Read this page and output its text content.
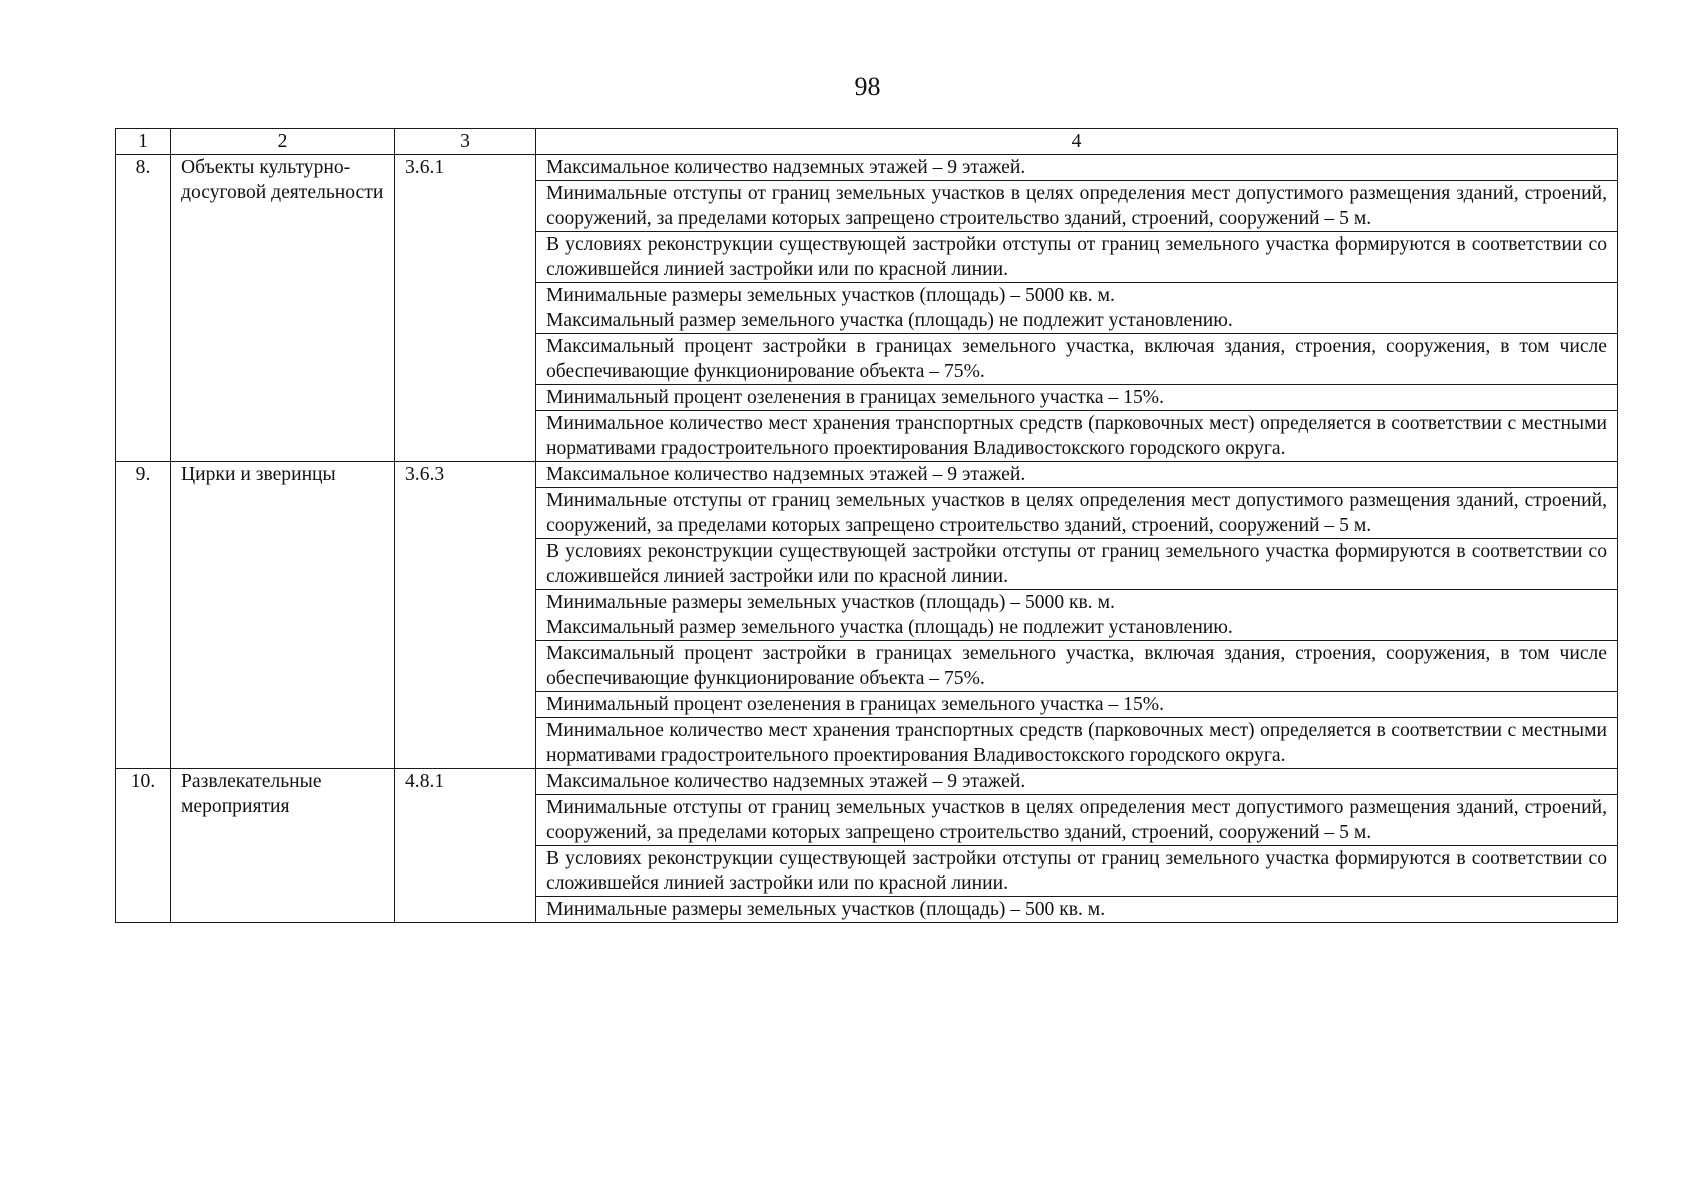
98
1	2	3	4
8.	Объекты культурно-досуговой деятельности	3.6.1	Максимальное количество надземных этажей – 9 этажей.

			Минимальные отступы от границ земельных участков в целях определения мест допустимого размещения зданий, строений, сооружений, за пределами которых запрещено строительство зданий, строений, сооружений – 5 м.

			В условиях реконструкции существующей застройки отступы от границ земельного участка формируются в соответствии со сложившейся линией застройки или по красной линии.

			Минимальные размеры земельных участков (площадь) – 5000 кв. м.
Максимальный размер земельного участка (площадь) не подлежит установлению.

			Максимальный процент застройки в границах земельного участка, включая здания, строения, сооружения, в том числе обеспечивающие функционирование объекта – 75%.

			Минимальный процент озеленения в границах земельного участка – 15%.

			Минимальное количество мест хранения транспортных средств (парковочных мест) определяется в соответствии с местными нормативами градостроительного проектирования Владивостокского городского округа.

9.	Цирки и зверинцы	3.6.3	Максимальное количество надземных этажей – 9 этажей.

			Минимальные отступы от границ земельных участков в целях определения мест допустимого размещения зданий, строений, сооружений, за пределами которых запрещено строительство зданий, строений, сооружений – 5 м.

			В условиях реконструкции существующей застройки отступы от границ земельного участка формируются в соответствии со сложившейся линией застройки или по красной линии.

			Минимальные размеры земельных участков (площадь) – 5000 кв. м.
Максимальный размер земельного участка (площадь) не подлежит установлению.

			Максимальный процент застройки в границах земельного участка, включая здания, строения, сооружения, в том числе обеспечивающие функционирование объекта – 75%.

			Минимальный процент озеленения в границах земельного участка – 15%.

			Минимальное количество мест хранения транспортных средств (парковочных мест) определяется в соответствии с местными нормативами градостроительного проектирования Владивостокского городского округа.

10.	Развлекательные мероприятия	4.8.1	Максимальное количество надземных этажей – 9 этажей.

			Минимальные отступы от границ земельных участков в целях определения мест допустимого размещения зданий, строений, сооружений, за пределами которых запрещено строительство зданий, строений, сооружений – 5 м.

			В условиях реконструкции существующей застройки отступы от границ земельного участка формируются в соответствии со сложившейся линией застройки или по красной линии.

			Минимальные размеры земельных участков (площадь) – 500 кв. м.
